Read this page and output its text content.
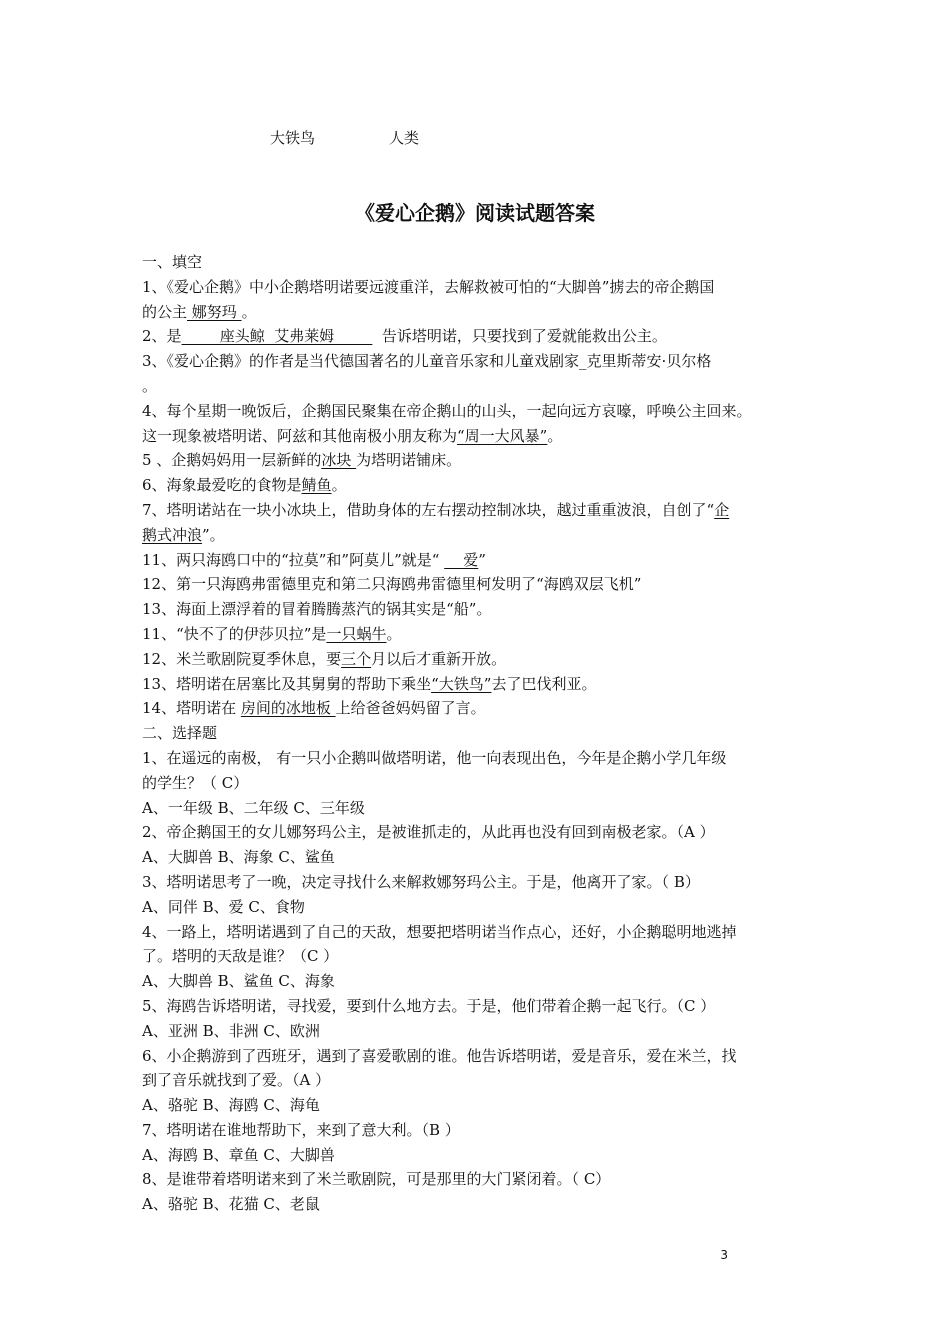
大铁鸟	人类
《爱心企鹅》阅读试题答案
一、填空
1、《爱心企鹅》中小企鹅塔明诺要远渡重洋，去解救被可怕的“大脚兽”掳去的帝企鹅国
的公主 娜努玛 。
2、是        座头鲸  艾弗莱姆          告诉塔明诺，只要找到了爱就能救出公主。
3、《爱心企鹅》的作者是当代德国著名的儿童音乐家和儿童戏剧家_克里斯蒂安·贝尔格
。
4、每个星期一晚饭后，企鹅国民聚集在帝企鹅山的山头，一起向远方哀嚎，呼唤公主回来。
这一现象被塔明诺、阿兹和其他南极小朋友称为“周一大风暴”。
5 、企鹅妈妈用一层新鲜的冰块 为塔明诺铺床。
6、海象最爱吃的食物是鲭鱼。
7、塔明诺站在一块小冰块上，借助身体的左右摆动控制冰块，越过重重波浪，自创了“企
鹅式冲浪”。
11、两只海鸥口中的“拉莫”和”阿莫儿”就是“     爱”
12、第一只海鸥弗雷德里克和第二只海鸥弗雷德里柯发明了“海鸥双层飞机”
13、海面上漂浮着的冒着腾腾蒸汽的锅其实是“船”。
11、“快不了的伊莎贝拉”是一只蜗牛。
12、米兰歌剧院夏季休息，要三个月以后才重新开放。
13、塔明诺在居塞比及其舅舅的帮助下乘坐“大铁鸟”去了巴伐利亚。
14、塔明诺在 房间的冰地板 上给爸爸妈妈留了言。
二、选择题
1、在遥远的南极， 有一只小企鹅叫做塔明诺，他一向表现出色，今年是企鹅小学几年级
的学生？（ C）
A、一年级 B、二年级 C、三年级
2、帝企鹅国王的女儿娜努玛公主，是被谁抓走的，从此再也没有回到南极老家。（A ）
A、大脚兽 B、海象 C、鲨鱼
3、塔明诺思考了一晚，决定寻找什么来解救娜努玛公主。于是，他离开了家。（ B）
A、同伴 B、爱 C、食物
4、一路上，塔明诺遇到了自己的天敌，想要把塔明诺当作点心，还好，小企鹅聪明地逃掉
了。塔明的天敌是谁？（C ）
A、大脚兽 B、鲨鱼 C、海象
5、海鸥告诉塔明诺，寻找爱，要到什么地方去。于是，他们带着企鹅一起飞行。（C ）
A、亚洲 B、非洲 C、欧洲
6、小企鹅游到了西班牙，遇到了喜爱歌剧的谁。他告诉塔明诺，爱是音乐，爱在米兰，找
到了音乐就找到了爱。（A ）
A、骆驼 B、海鸥 C、海龟
7、塔明诺在谁地帮助下，来到了意大利。（B ）
A、海鸥 B、章鱼 C、大脚兽
8、是谁带着塔明诺来到了米兰歌剧院，可是那里的大门紧闭着。（ C）
A、骆驼 B、花猫 C、老鼠
3
